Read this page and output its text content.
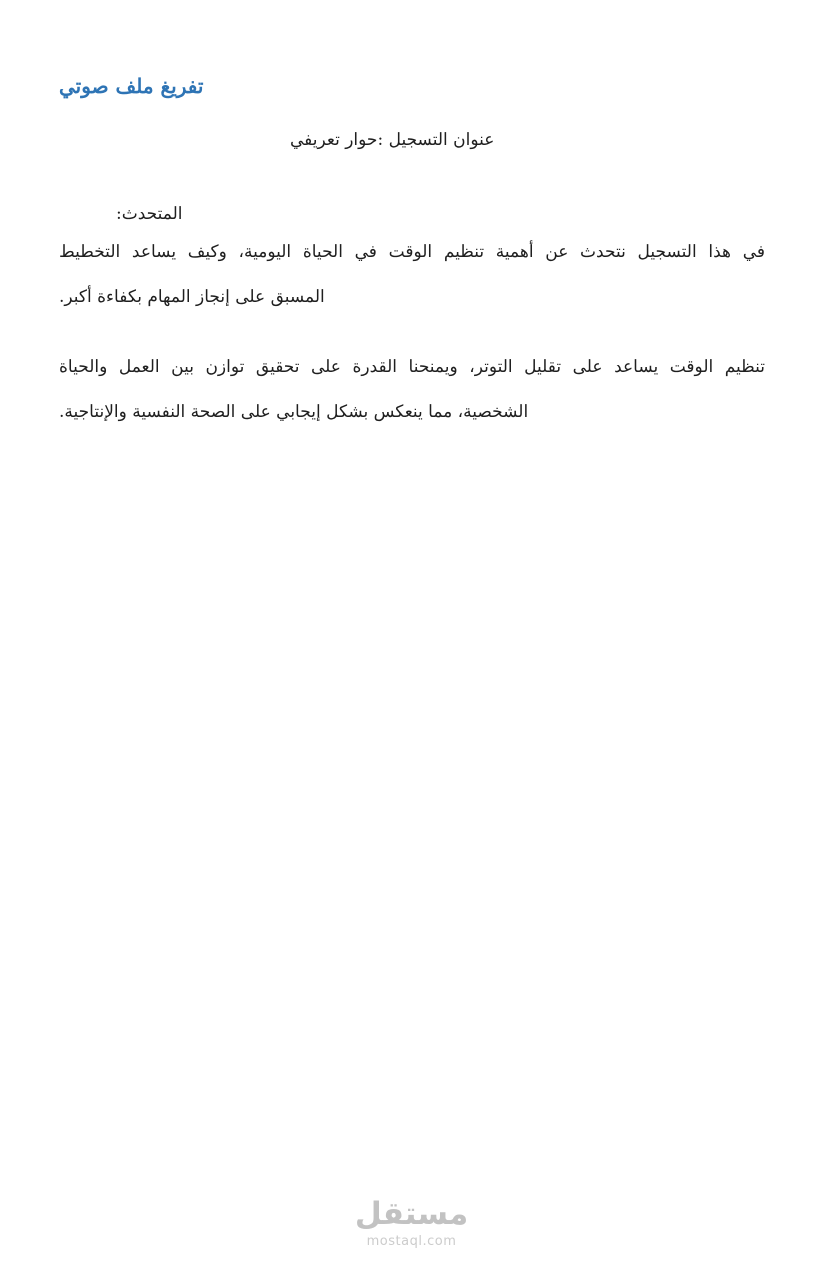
تفريغ ملف صوتي
عنوان التسجيل :حوار تعريفي
المتحدث:
في هذا التسجيل نتحدث عن أهمية تنظيم الوقت في الحياة اليومية، وكيف يساعد التخطيط
المسبق على إنجاز المهام بكفاءة أكبر.
تنظيم الوقت يساعد على تقليل التوتر، ويمنحنا القدرة على تحقيق توازن بين العمل والحياة
الشخصية، مما ينعكس بشكل إيجابي على الصحة النفسية والإنتاجية.
مستقل
mostaql.com
